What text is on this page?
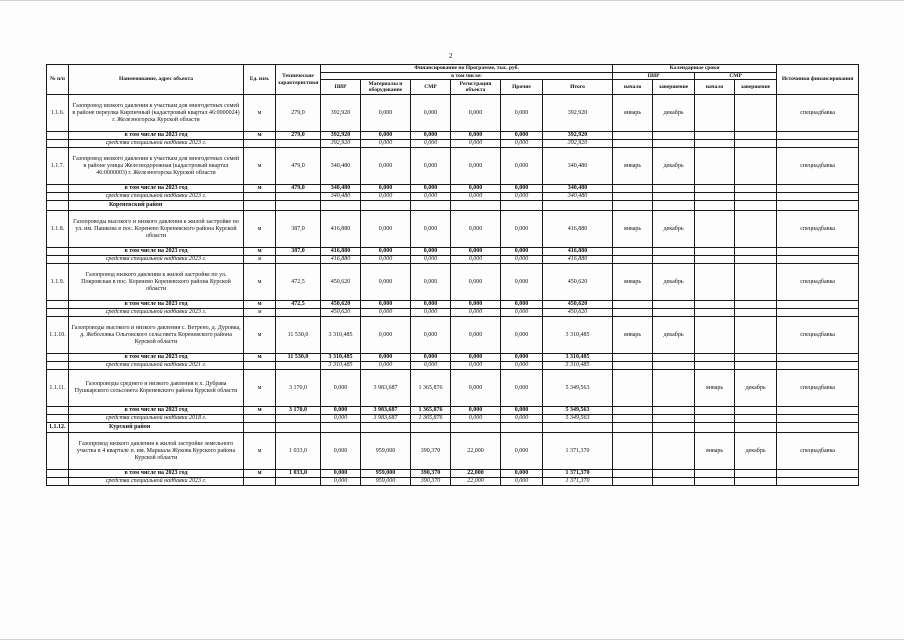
2
№ п/п	Наименование, адрес объекта	Ед. изм.	Технические характеристики	Финансирование по Программе, тыс. руб.						Календарные сроки				Источники финансирования
				в том числе:						ПИР		СМР		
				ПИР	Материалы и оборудование	СМР	Регистрация объекта	Прочие	Итого	начало	завершение	начало	завершение	

1.1.6.	Газопровод низкого давления к участкам для многодетных семей в районе переулка Кирпичный (кадастровый квартал 46:0000024) г. Железногорска Курской области	м	279,0	392,920	0,000	0,000	0,000	0,000	392,920	январь	декабрь			спецнадбавка
	в том числе на 2023 год	м	279,0	392,920	0,000	0,000	0,000	0,000	392,920					
	средства специальной надбавки 2023 г.			392,920	0,000	0,000	0,000	0,000	392,920					
1.1.7.	Газопровод низкого давления к участкам для многодетных семей в районе улицы Железнодорожная (кадастровый квартал 46:0000003) г. Железногорска Курской области	м	479,0	340,480	0,000	0,000	0,000	0,000	340,480	январь	декабрь			спецнадбавка
	в том числе на 2023 год	м	479,0	340,480	0,000	0,000	0,000	0,000	340,480					
	средства специальной надбавки 2023 г.			340,480	0,000	0,000	0,000	0,000	340,480					
	Кореневский район													
1.1.8.	Газопроводы высокого и низкого давления к жилой застройке по ул. им. Пашкова в пос. Коренево Кореневского района Курской области	м	387,0	416,880	0,000	0,000	0,000	0,000	416,880	январь	декабрь			спецнадбавка
	в том числе на 2023 год	м	387,0	416,880	0,000	0,000	0,000	0,000	416,880					
	средства специальной надбавки 2023 г.	м		416,880	0,000	0,000	0,000	0,000	416,880					
1.1.9.	Газопровод низкого давления к жилой застройке по ул. Покровская в пос. Коренево Кореневского района Курской области	м	472,5	450,620	0,000	0,000	0,000	0,000	450,620	январь	декабрь			спецнадбавка
	в том числе на 2023 год	м	472,5	450,620	0,000	0,000	0,000	0,000	450,620					
	средства специальной надбавки 2023 г.	м		450,620	0,000	0,000	0,000	0,000	450,620					
1.1.10.	Газопроводы высокого и низкого давления с. Ветрено, д. Дуровка, д. Жеболовка Ольговского сельсовета Кореневского района Курской области	м	11 530,0	3 310,485	0,000	0,000	0,000	0,000	3 310,485	январь	декабрь			спецнадбавка
	в том числе на 2023 год	м	11 530,0	3 310,485	0,000	0,000	0,000	0,000	3 310,485					
	средства специальной надбавки 2021 г.			3 310,485	0,000	0,000	0,000	0,000	3 310,485					
1.1.11.	Газопроводы среднего и низкого давления в х. Дубрава Пушкарского сельсовета Кореневского района Курской области	м	3 170,0	0,000	3 983,687	1 365,876	0,000	0,000	5 349,563			январь	декабрь	спецнадбавка
	в том числе на 2023 год	м	3 170,0	0,000	3 983,687	1 365,876	0,000	0,000	5 349,563					
	средства специальной надбавки 2018 г.			0,000	3 983,687	1 365,876	0,000	0,000	5 349,563					
1.1.12.	Курский район													
	Газопровод низкого давления к жилой застройке земельного участка в 4 квартале п. им. Маршала Жукова Курского района Курской области	м	1 033,0	0,000	959,000	390,370	22,000	0,000	1 371,370			январь	декабрь	спецнадбавка
	в том числе на 2023 год	м	1 033,0	0,000	959,000	390,370	22,000	0,000	1 371,370					
	средства специальной надбавки 2023 г.			0,000	959,000	390,370	22,000	0,000	1 371,370					
